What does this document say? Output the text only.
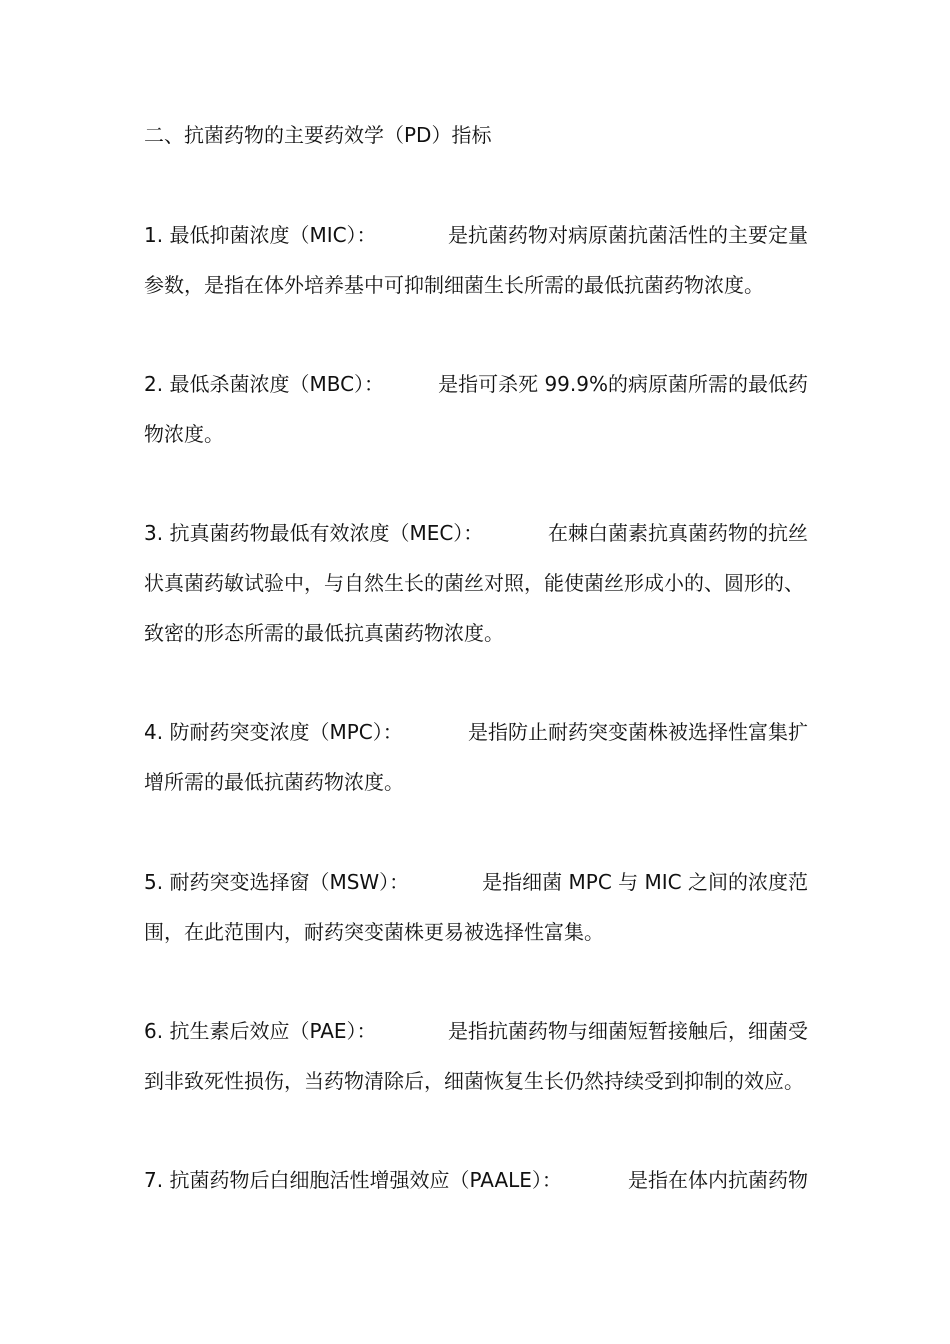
二、抗菌药物的主要药效学（PD）指标
1. 最低抑菌浓度（MIC）：	是抗菌药物对病原菌抗菌活性的主要定量
参数，是指在体外培养基中可抑制细菌生长所需的最低抗菌药物浓度。
2. 最低杀菌浓度（MBC）：	是指可杀死 99.9%的病原菌所需的最低药
物浓度。
3. 抗真菌药物最低有效浓度（MEC）：	在棘白菌素抗真菌药物的抗丝
状真菌药敏试验中，与自然生长的菌丝对照，能使菌丝形成小的、圆形的、
致密的形态所需的最低抗真菌药物浓度。
4. 防耐药突变浓度（MPC）：	是指防止耐药突变菌株被选择性富集扩
增所需的最低抗菌药物浓度。
5. 耐药突变选择窗（MSW）：	是指细菌 MPC 与 MIC 之间的浓度范
围，在此范围内，耐药突变菌株更易被选择性富集。
6. 抗生素后效应（PAE）：	是指抗菌药物与细菌短暂接触后，细菌受
到非致死性损伤，当药物清除后，细菌恢复生长仍然持续受到抑制的效应。
7. 抗菌药物后白细胞活性增强效应（PAALE）：	是指在体内抗菌药物
